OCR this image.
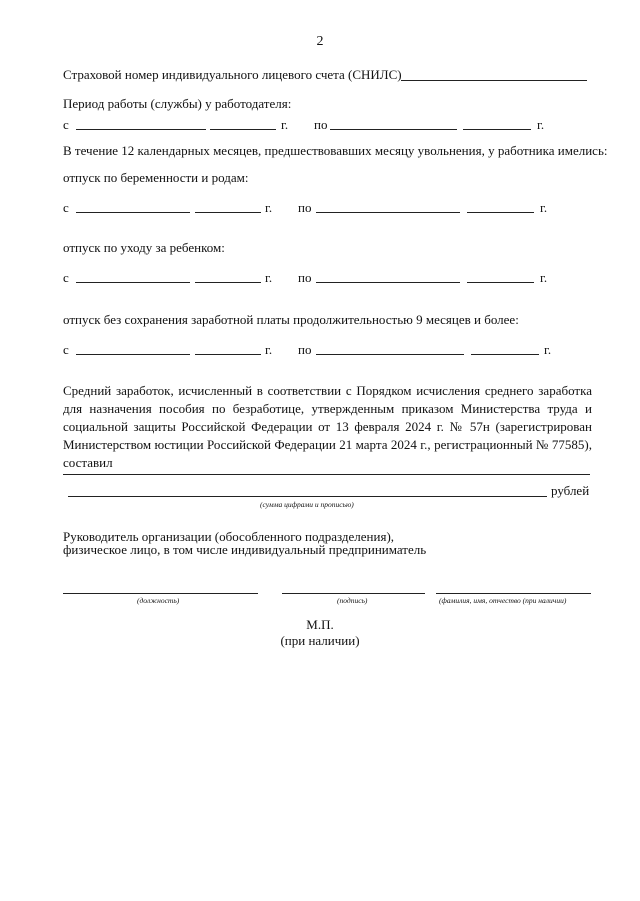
2
Страховой номер индивидуального лицевого счета (СНИЛС)
Период работы (службы) у работодателя:
с	г. по	г.
В течение 12 календарных месяцев, предшествовавших месяцу увольнения, у работника имелись:
отпуск по беременности и родам:
с	г. по	г.
отпуск по уходу за ребенком:
с	г. по	г.
отпуск без сохранения заработной платы продолжительностью 9 месяцев и более:
с	г. по	г.
Средний заработок, исчисленный в соответствии с Порядком исчисления среднего заработка для назначения пособия по безработице, утвержденным приказом Министерства труда и социальной защиты Российской Федерации от 13 февраля 2024 г. № 57н (зарегистрирован Министерством юстиции Российской Федерации 21 марта 2024 г., регистрационный № 77585), составил
рублей
(сумма цифрами и прописью)
Руководитель организации (обособленного подразделения),
физическое лицо, в том числе индивидуальный предприниматель
(должность)	(подпись)	(фамилия, имя, отчество (при наличии)
М.П.
(при наличии)
